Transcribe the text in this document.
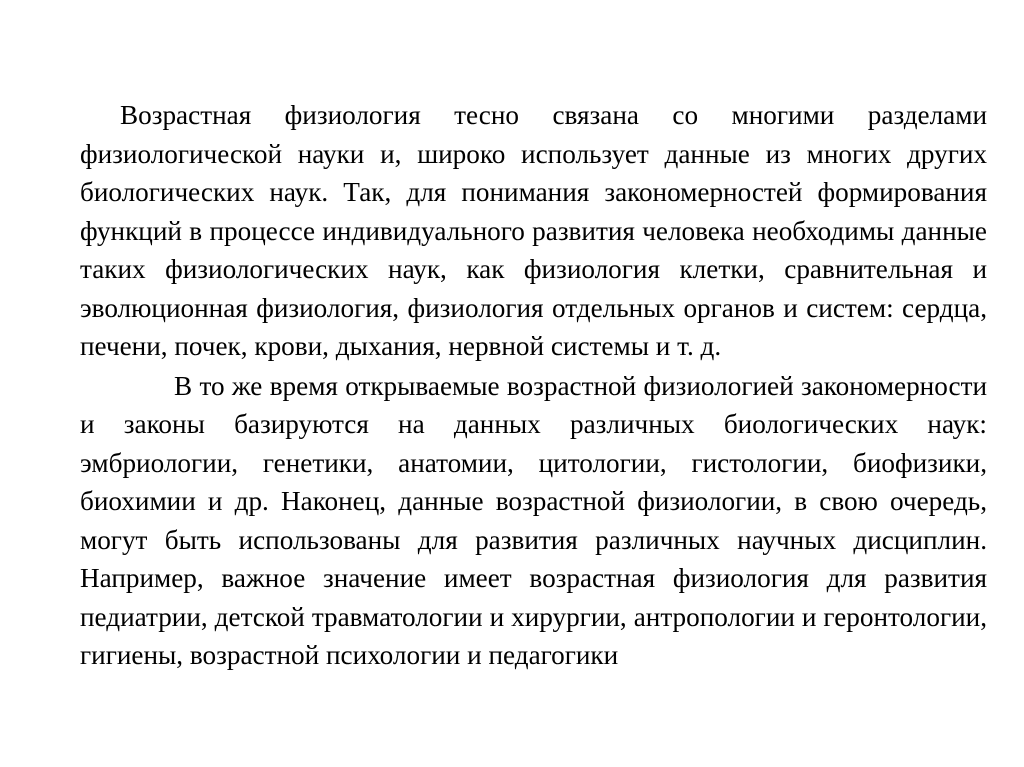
Возрастная физиология тесно связана со многими разделами физиологической науки и, широко использует данные из многих других биологических наук. Так, для понимания закономерностей формирования функций в процессе индивидуального развития человека необходимы данные таких физиологических наук, как физиология клетки, сравнительная и эволюционная физиология, физиология отдельных органов и систем: сердца, печени, почек, крови, дыхания, нервной системы и т. д.

В то же время открываемые возрастной физиологией закономерности и законы базируются на данных различных биологических наук: эмбриологии, генетики, анатомии, цитологии, гистологии, биофизики, биохимии и др. Наконец, данные возрастной физиологии, в свою очередь, могут быть использованы для развития различных научных дисциплин. Например, важное значение имеет возрастная физиология для развития педиатрии, детской травматологии и хирургии, антропологии и геронтологии, гигиены, возрастной психологии и педагогики
